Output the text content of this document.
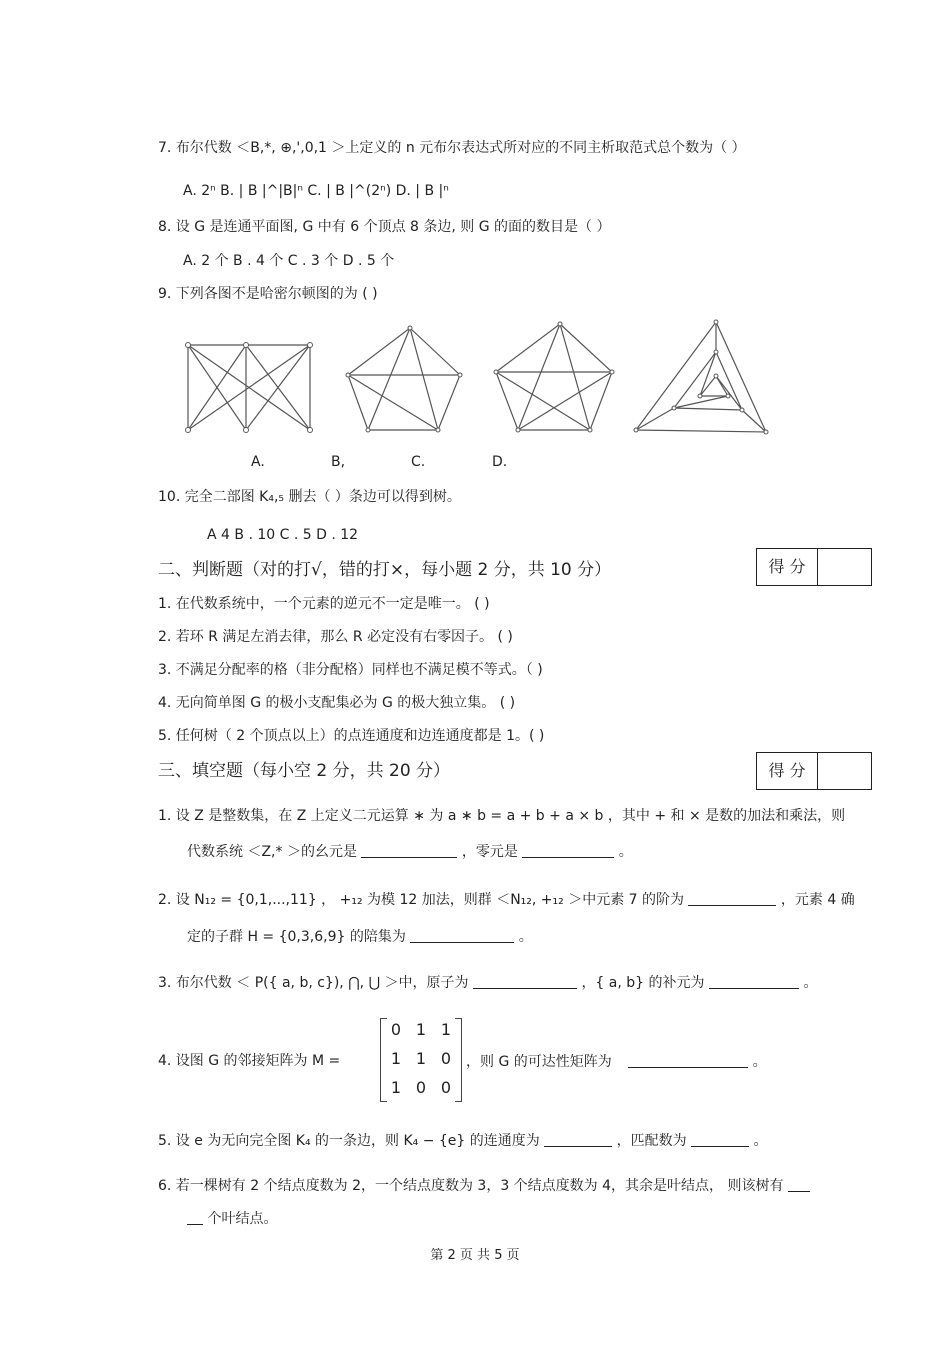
7. 布尔代数 ＜B,*, ⊕,',0,1 ＞上定义的 n 元布尔表达式所对应的不同主析取范式总个数为（ ）
A. 2ⁿ B. | B |^|B|ⁿ C. | B |^(2ⁿ) D. | B |ⁿ
8. 设 G 是连通平面图, G 中有 6 个顶点 8 条边, 则 G 的面的数目是（ ）
A. 2 个 B . 4 个 C . 3 个 D . 5 个
9. 下列各图不是哈密尔顿图的为 ( )
A.	B,	C.	D.
10. 完全二部图 K₄,₅ 删去（ ）条边可以得到树。
A 4 B . 10 C . 5 D . 12
二、判断题（对的打√，错的打×，每小题 2 分，共 10 分）	得 分
1. 在代数系统中，一个元素的逆元不一定是唯一。 ( )
2. 若环 R 满足左消去律，那么 R 必定没有右零因子。 ( )
3. 不满足分配率的格（非分配格）同样也不满足模不等式。（ )
4. 无向简单图 G 的极小支配集必为 G 的极大独立集。 ( )
5. 任何树（ 2 个顶点以上）的点连通度和边连通度都是 1。( )
三、填空题（每小空 2 分，共 20 分）	得 分
1. 设 Z 是整数集，在 Z 上定义二元运算 ∗ 为 a ∗ b = a + b + a × b ，其中 + 和 × 是数的加法和乘法，则
代数系统 ＜Z,* ＞的幺元是	，零元是	。
2. 设 N₁₂ = {0,1,...,11} ， +₁₂ 为模 12 加法，则群 ＜N₁₂, +₁₂ ＞中元素 7 的阶为	，元素 4 确
定的子群 H = {0,3,6,9} 的陪集为	。
3. 布尔代数 ＜ P({ a, b, c}), ⋂, ⋃ ＞中，原子为	，{ a, b} 的补元为	。
4. 设图 G 的邻接矩阵为 M =
0 1 1
1 1 0
1 0 0
，则 G 的可达性矩阵为	。
5. 设 e 为无向完全图 K₄ 的一条边，则 K₄ − {e} 的连通度为	，匹配数为	。
6. 若一棵树有 2 个结点度数为 2，一个结点度数为 3，3 个结点度数为 4，其余是叶结点， 则该树有
个叶结点。
第 2 页 共 5 页
